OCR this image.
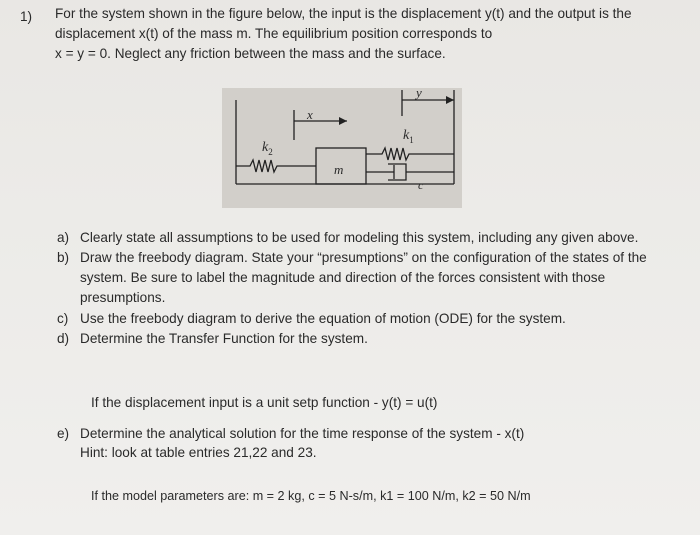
1) For the system shown in the figure below, the input is the displacement y(t) and the output is the
displacement x(t) of the mass m. The equilibrium position corresponds to
x = y = 0. Neglect any friction between the mass and the surface.
x
y
$k_1$
$k_2$
m
c
a) Clearly state all assumptions to be used for modeling this system, including any given above.
b) Draw the freebody diagram. State your “presumptions” on the configuration of the states of the
system. Be sure to label the magnitude and direction of the forces consistent with those
presumptions.
c) Use the freebody diagram to derive the equation of motion (ODE) for the system.
d) Determine the Transfer Function for the system.
If the displacement input is a unit setp function - y(t) = u(t)
e) Determine the analytical solution for the time response of the system - x(t)
Hint: look at table entries 21,22 and 23.
If the model parameters are: m = 2 kg, c = 5 N-s/m, k1 = 100 N/m, k2 = 50 N/m
